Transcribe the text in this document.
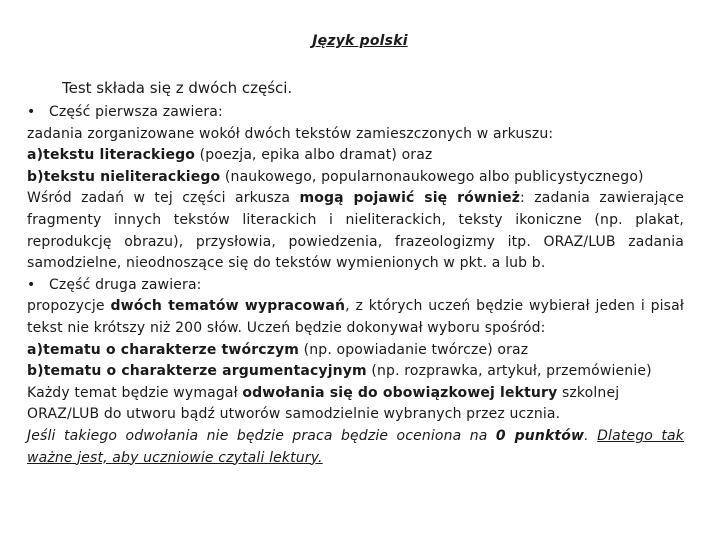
Język polski
Test składa się z dwóch części.

• Część pierwsza zawiera:

zadania zorganizowane wokół dwóch tekstów zamieszczonych w arkuszu:

a)tekstu literackiego (poezja, epika albo dramat) oraz

b)tekstu nieliterackiego (naukowego, popularnonaukowego albo publicystycznego)

Wśród zadań w tej części arkusza mogą pojawić się również: zadania zawierające fragmenty innych tekstów literackich i nieliterackich, teksty ikoniczne (np. plakat, reprodukcję obrazu), przysłowia, powiedzenia, frazeologizmy itp. ORAZ/LUB zadania samodzielne, nieodnoszące się do tekstów wymienionych w pkt. a lub b.

• Część druga zawiera:

propozycje dwóch tematów wypracowań, z których uczeń będzie wybierał jeden i pisał tekst nie krótszy niż 200 słów. Uczeń będzie dokonywał wyboru spośród:

a)tematu o charakterze twórczym (np. opowiadanie twórcze) oraz

b)tematu o charakterze argumentacyjnym (np. rozprawka, artykuł, przemówienie)

Każdy temat będzie wymagał odwołania się do obowiązkowej lektury szkolnej ORAZ/LUB do utworu bądź utworów samodzielnie wybranych przez ucznia.

Jeśli takiego odwołania nie będzie praca będzie oceniona na 0 punktów. Dlatego tak ważne jest, aby uczniowie czytali lektury.
